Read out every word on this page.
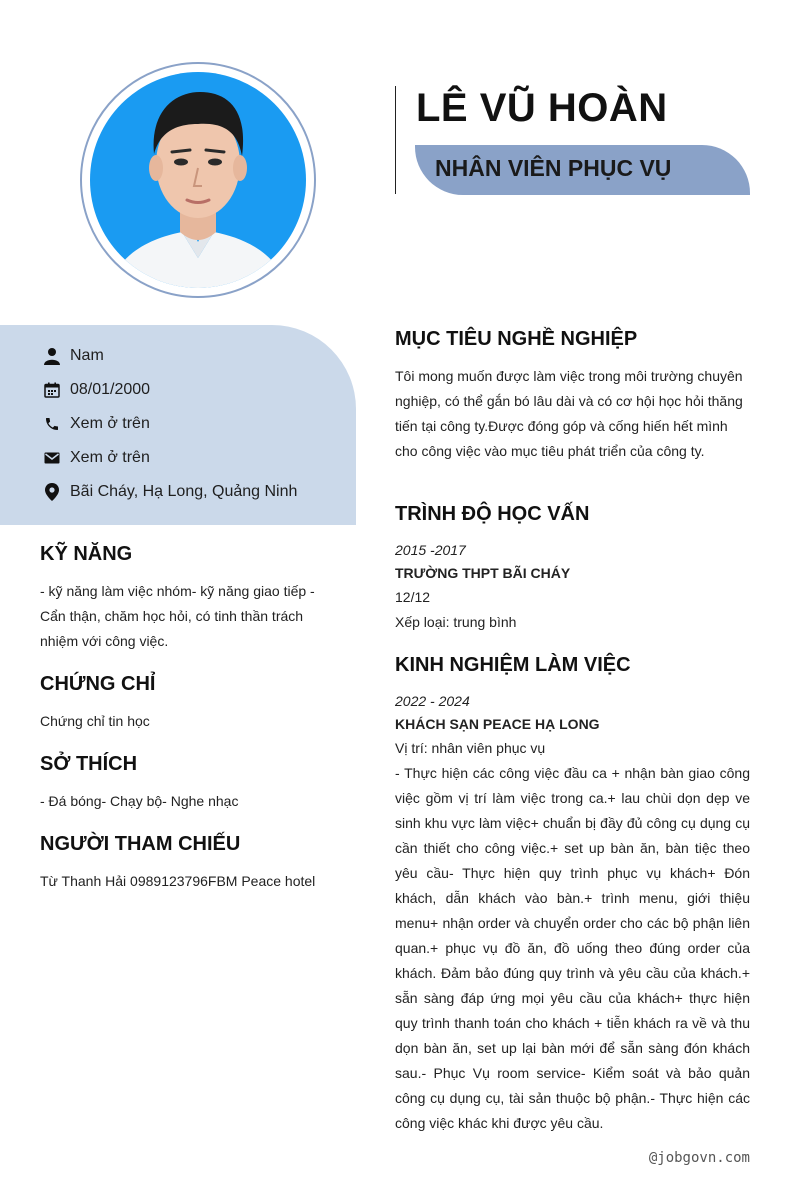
LÊ VŨ HOÀN
NHÂN VIÊN PHỤC VỤ
Nam
08/01/2000
Xem ở trên
Xem ở trên
Bãi Cháy, Hạ Long, Quảng Ninh
KỸ NĂNG
- kỹ năng làm việc nhóm- kỹ năng giao tiếp - Cẩn thận, chăm học hỏi, có tinh thần trách nhiệm với công việc.
CHỨNG CHỈ
Chứng chỉ tin học
SỞ THÍCH
- Đá bóng- Chạy bộ- Nghe nhạc
NGƯỜI THAM CHIẾU
Từ Thanh Hải 0989123796FBM Peace hotel
MỤC TIÊU NGHỀ NGHIỆP
Tôi mong muốn được làm việc trong môi trường chuyên nghiệp, có thể gắn bó lâu dài và có cơ hội học hỏi thăng tiến tại công ty.Được đóng góp và cống hiến hết mình cho công việc vào mục tiêu phát triển của công ty.
TRÌNH ĐỘ HỌC VẤN
2015 -2017
TRƯỜNG THPT BÃI CHÁY
12/12
Xếp loại: trung bình
KINH NGHIỆM LÀM VIỆC
2022 - 2024
KHÁCH SẠN PEACE HẠ LONG
Vị trí: nhân viên phục vụ
- Thực hiện các công việc đầu ca + nhận bàn giao công việc gồm vị trí làm việc trong ca.+ lau chùi dọn dẹp ve sinh khu vực làm việc+ chuẩn bị đầy đủ công cụ dụng cụ cần thiết cho công việc.+ set up bàn ăn, bàn tiệc theo yêu cầu- Thực hiện quy trình phục vụ khách+ Đón khách, dẫn khách vào bàn.+ trình menu, giới thiệu menu+ nhận order và chuyển order cho các bộ phận liên quan.+ phục vụ đồ ăn, đồ uống theo đúng order của khách. Đảm bảo đúng quy trình và yêu cầu của khách.+ sẵn sàng đáp ứng mọi yêu cầu của khách+ thực hiện quy trình thanh toán cho khách + tiễn khách ra về và thu dọn bàn ăn, set up lại bàn mới để sẵn sàng đón khách sau.- Phục Vụ room service- Kiểm soát và bảo quản công cụ dụng cụ, tài sản thuộc bộ phận.- Thực hiện các công việc khác khi được yêu cầu.
@jobgovn.com
